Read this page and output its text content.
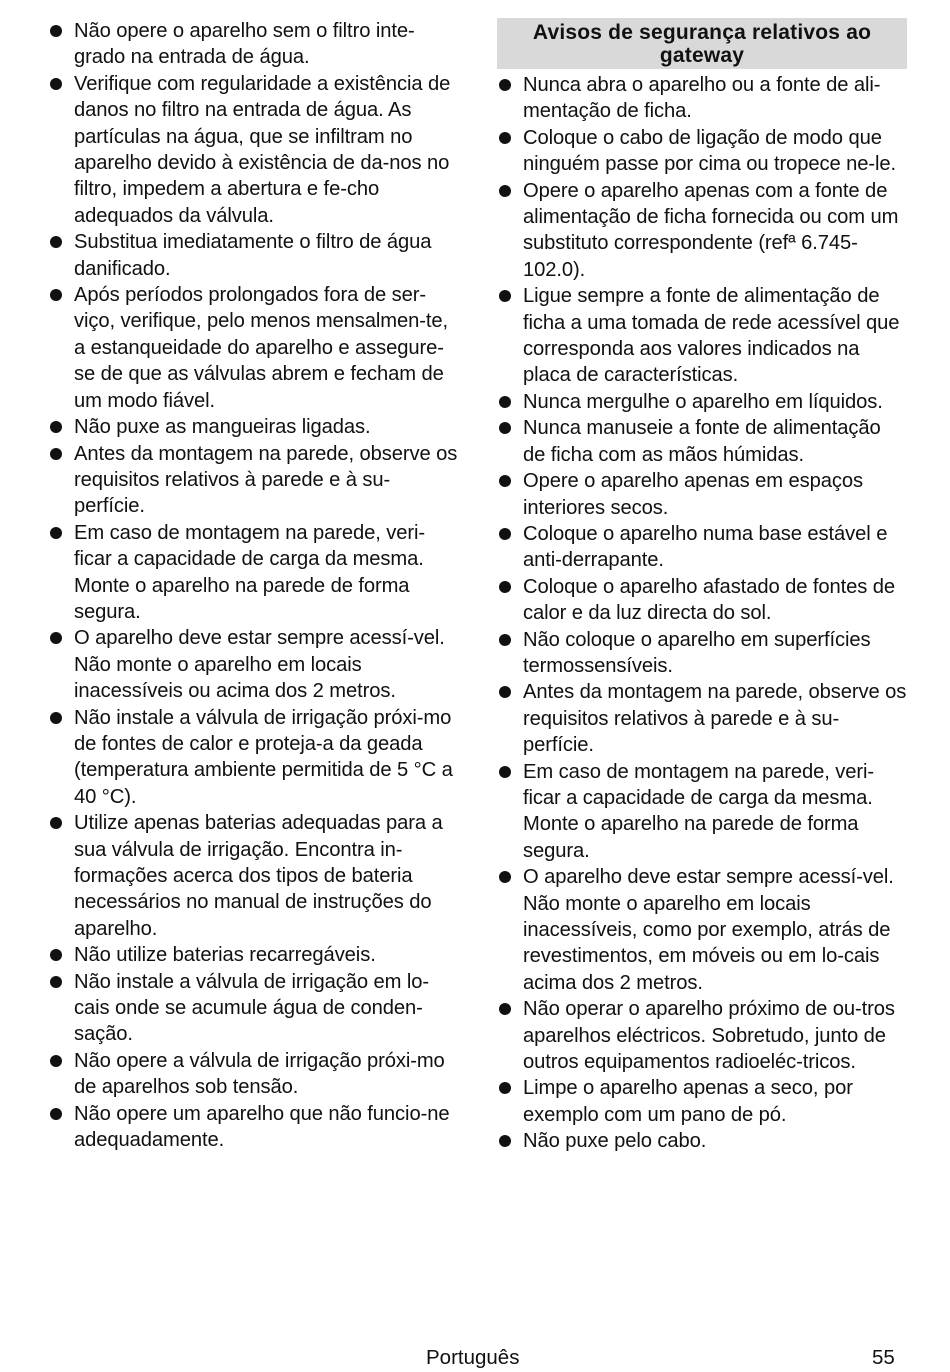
Não opere o aparelho sem o filtro inte-grado na entrada de água.
Verifique com regularidade a existência de danos no filtro na entrada de água. As partículas na água, que se infiltram no aparelho devido à existência de da-nos no filtro, impedem a abertura e fe-cho adequados da válvula.
Substitua imediatamente o filtro de água danificado.
Após períodos prolongados fora de ser-viço, verifique, pelo menos mensalmen-te, a estanqueidade do aparelho e assegure-se de que as válvulas abrem e fecham de um modo fiável.
Não puxe as mangueiras ligadas.
Antes da montagem na parede, observe os requisitos relativos à parede e à su-perfície.
Em caso de montagem na parede, veri-ficar a capacidade de carga da mesma. Monte o aparelho na parede de forma segura.
O aparelho deve estar sempre acessí-vel. Não monte o aparelho em locais inacessíveis ou acima dos 2 metros.
Não instale a válvula de irrigação próxi-mo de fontes de calor e proteja-a da geada (temperatura ambiente permitida de 5 °C a 40 °C).
Utilize apenas baterias adequadas para a sua válvula de irrigação. Encontra in-formações acerca dos tipos de bateria necessários no manual de instruções do aparelho.
Não utilize baterias recarregáveis.
Não instale a válvula de irrigação em lo-cais onde se acumule água de conden-sação.
Não opere a válvula de irrigação próxi-mo de aparelhos sob tensão.
Não opere um aparelho que não funcio-ne adequadamente.
Avisos de segurança relativos ao gateway
Nunca abra o aparelho ou a fonte de ali-mentação de ficha.
Coloque o cabo de ligação de modo que ninguém passe por cima ou tropece ne-le.
Opere o aparelho apenas com a fonte de alimentação de ficha fornecida ou com um substituto correspondente (refª 6.745-102.0).
Ligue sempre a fonte de alimentação de ficha a uma tomada de rede acessível que corresponda aos valores indicados na placa de características.
Nunca mergulhe o aparelho em líquidos.
Nunca manuseie a fonte de alimentação de ficha com as mãos húmidas.
Opere o aparelho apenas em espaços interiores secos.
Coloque o aparelho numa base estável e anti-derrapante.
Coloque o aparelho afastado de fontes de calor e da luz directa do sol.
Não coloque o aparelho em superfícies termossensíveis.
Antes da montagem na parede, observe os requisitos relativos à parede e à su-perfície.
Em caso de montagem na parede, veri-ficar a capacidade de carga da mesma. Monte o aparelho na parede de forma segura.
O aparelho deve estar sempre acessí-vel. Não monte o aparelho em locais inacessíveis, como por exemplo, atrás de revestimentos, em móveis ou em lo-cais acima dos 2 metros.
Não operar o aparelho próximo de ou-tros aparelhos eléctricos. Sobretudo, junto de outros equipamentos radioeléc-tricos.
Limpe o aparelho apenas a seco, por exemplo com um pano de pó.
Não puxe pelo cabo.
Português	55
